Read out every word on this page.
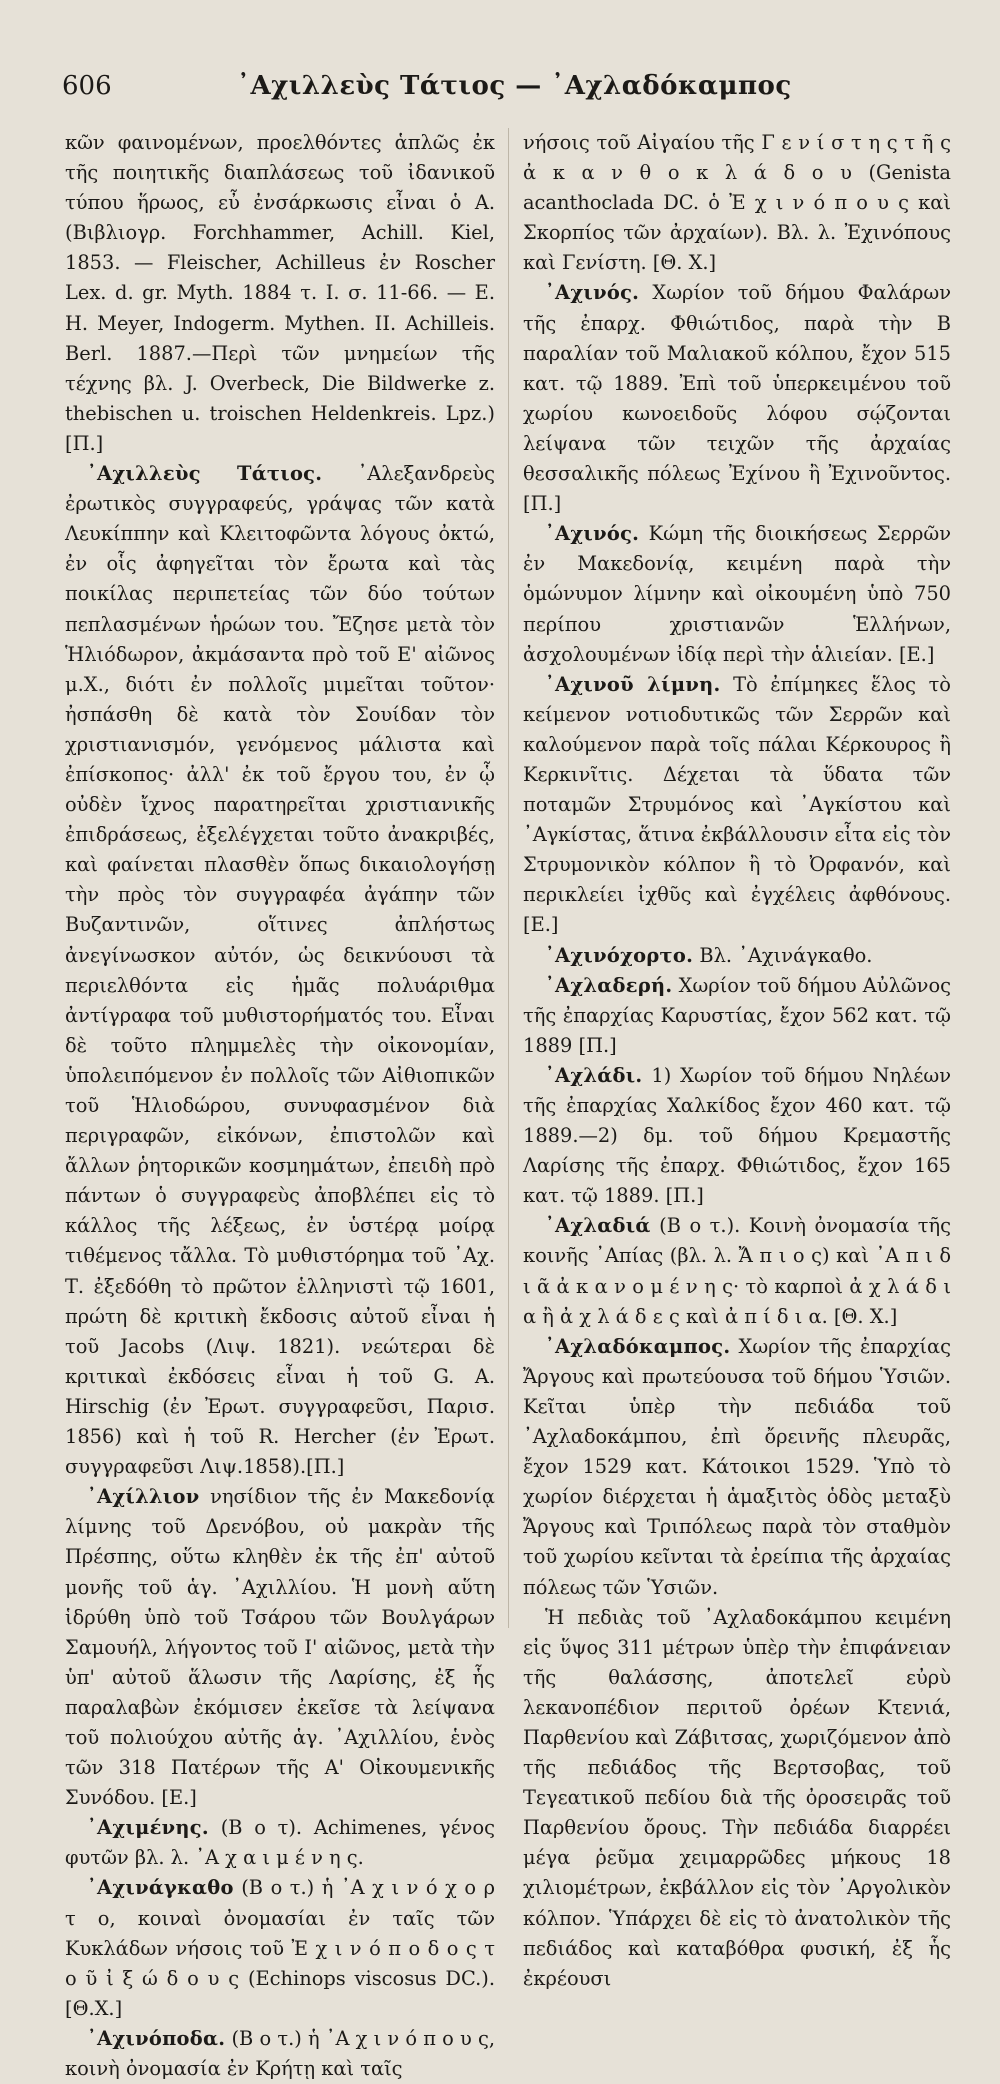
606	᾿Αχιλλεὺς Τάτιος — ᾿Αχλαδόκαμπος

κῶν φαινομένων, προελθόντες ἁπλῶς ἐκ τῆς ποιητικῆς διαπλάσεως τοῦ ἰδανικοῦ τύπου ἥρωος, εὖ ἐνσάρκωσις εἶναι ὁ Α. (Βιβλιογρ. Forchhammer, Achill. Kiel, 1853. — Fleischer, Achilleus ἐν Roscher Lex. d. gr. Myth. 1884 τ. Ι. σ. 11-66. — E. H. Meyer, Indogerm. Mythen. II. Achilleis. Berl. 1887.—Περὶ τῶν μνημείων τῆς τέχνης βλ. J. Overbeck, Die Bildwerke z. thebischen u. troischen Heldenkreis. Lpz.) [Π.]

᾿Αχιλλεὺς Τάτιος. ᾿Αλεξανδρεὺς ἐρωτικὸς συγγραφεύς, γράψας τῶν κατὰ Λευκίππην καὶ Κλειτοφῶντα λόγους ὀκτώ, ἐν οἷς ἀφηγεῖται τὸν ἔρωτα καὶ τὰς ποικίλας περιπετείας τῶν δύο τούτων πεπλασμένων ἡρώων του. Ἔζησε μετὰ τὸν Ἡλιόδωρον, ἀκμάσαντα πρὸ τοῦ Ε' αἰῶνος μ.Χ., διότι ἐν πολλοῖς μιμεῖται τοῦτον· ἠσπάσθη δὲ κατὰ τὸν Σουίδαν τὸν χριστιανισμόν, γενόμενος μάλιστα καὶ ἐπίσκοπος· ἀλλ' ἐκ τοῦ ἔργου του, ἐν ᾧ οὐδὲν ἴχνος παρατηρεῖται χριστιανικῆς ἐπιδράσεως, ἐξελέγχεται τοῦτο ἀνακριβές, καὶ φαίνεται πλασθὲν ὅπως δικαιολογήσῃ τὴν πρὸς τὸν συγγραφέα ἀγάπην τῶν Βυζαντινῶν, οἵτινες ἀπλήστως ἀνεγίνωσκον αὐτόν, ὡς δεικνύουσι τὰ περιελθόντα εἰς ἡμᾶς πολυάριθμα ἀντίγραφα τοῦ μυθιστορήματός του. Εἶναι δὲ τοῦτο πλημμελὲς τὴν οἰκονομίαν, ὑπολειπόμενον ἐν πολλοῖς τῶν Αἰθιοπικῶν τοῦ Ἡλιοδώρου, συνυφασμένον διὰ περιγραφῶν, εἰκόνων, ἐπιστολῶν καὶ ἄλλων ῥητορικῶν κοσμημάτων, ἐπειδὴ πρὸ πάντων ὁ συγγραφεὺς ἀποβλέπει εἰς τὸ κάλλος τῆς λέξεως, ἐν ὑστέρᾳ μοίρᾳ τιθέμενος τἄλλα. Τὸ μυθιστόρημα τοῦ ᾿Αχ. Τ. ἐξεδόθη τὸ πρῶτον ἑλληνιστὶ τῷ 1601, πρώτη δὲ κριτικὴ ἔκδοσις αὐτοῦ εἶναι ἡ τοῦ Jacobs (Λιψ. 1821). νεώτεραι δὲ κριτικαὶ ἐκδόσεις εἶναι ἡ τοῦ G. A. Hirschig (ἐν Ἐρωτ. συγγραφεῦσι, Παρισ. 1856) καὶ ἡ τοῦ R. Hercher (ἐν Ἐρωτ. συγγραφεῦσι Λιψ.1858).[Π.]

᾿Αχίλλιον νησίδιον τῆς ἐν Μακεδονίᾳ λίμνης τοῦ Δρενόβου, οὐ μακρὰν τῆς Πρέσπης, οὕτω κληθὲν ἐκ τῆς ἐπ' αὐτοῦ μονῆς τοῦ ἁγ. ᾿Αχιλλίου. Ἡ μονὴ αὕτη ἱδρύθη ὑπὸ τοῦ Τσάρου τῶν Βουλγάρων Σαμουήλ, λήγοντος τοῦ Ι' αἰῶνος, μετὰ τὴν ὑπ' αὐτοῦ ἅλωσιν τῆς Λαρίσης, ἐξ ἧς παραλαβὼν ἐκόμισεν ἐκεῖσε τὰ λείψανα τοῦ πολιούχου αὐτῆς ἁγ. ᾿Αχιλλίου, ἑνὸς τῶν 318 Πατέρων τῆς Α' Οἰκουμενικῆς Συνόδου. [Ε.]

᾿Αχιμένης. (Β ο τ). Achimenes, γένος φυτῶν βλ. λ. ᾿Α χ α ι μ έ ν η ς.

᾿Αχινάγκαθο (Β ο τ.) ἡ ᾿Α χ ι ν ό χ ο ρ τ ο, κοιναὶ ὀνομασίαι ἐν ταῖς τῶν Κυκλάδων νήσοις τοῦ Ἐ χ ι ν ό π ο δ ο ς τ ο ῦ ἰ ξ ώ δ ο υ ς (Echinops viscosus DC.). [Θ.Χ.]

᾿Αχινόποδα. (Β ο τ.) ἡ ᾿Α χ ι ν ό π ο υ ς, κοινὴ ὀνομασία ἐν Κρήτῃ καὶ ταῖς

νήσοις τοῦ Αἰγαίου τῆς Γ ε ν ί σ τ η ς τ ῆ ς ἀ κ α ν θ ο κ λ ά δ ο υ (Genista acanthoclada DC. ὁ Ἐ χ ι ν ό π ο υ ς καὶ Σκορπίος τῶν ἀρχαίων). Βλ. λ. Ἐχινόπους καὶ Γενίστη. [Θ. Χ.]

᾿Αχινός. Χωρίον τοῦ δήμου Φαλάρων τῆς ἐπαρχ. Φθιώτιδος, παρὰ τὴν Β παραλίαν τοῦ Μαλιακοῦ κόλπου, ἔχον 515 κατ. τῷ 1889. Ἐπὶ τοῦ ὑπερκειμένου τοῦ χωρίου κωνοειδοῦς λόφου σῴζονται λείψανα τῶν τειχῶν τῆς ἀρχαίας θεσσαλικῆς πόλεως Ἐχίνου ἢ Ἐχινοῦντος. [Π.]

᾿Αχινός. Κώμη τῆς διοικήσεως Σερρῶν ἐν Μακεδονίᾳ, κειμένη παρὰ τὴν ὁμώνυμον λίμνην καὶ οἰκουμένη ὑπὸ 750 περίπου χριστιανῶν Ἑλλήνων, ἀσχολουμένων ἰδίᾳ περὶ τὴν ἁλιείαν. [Ε.]

᾿Αχινοῦ λίμνη. Τὸ ἐπίμηκες ἕλος τὸ κείμενον νοτιοδυτικῶς τῶν Σερρῶν καὶ καλούμενον παρὰ τοῖς πάλαι Κέρκουρος ἢ Κερκινῖτις. Δέχεται τὰ ὕδατα τῶν ποταμῶν Στρυμόνος καὶ ᾿Αγκίστου καὶ ᾿Αγκίστας, ἅτινα ἐκβάλλουσιν εἶτα εἰς τὸν Στρυμονικὸν κόλπον ἢ τὸ Ὀρφανόν, καὶ περικλείει ἰχθῦς καὶ ἐγχέλεις ἀφθόνους. [Ε.]

᾿Αχινόχορτο. Βλ. ᾿Αχινάγκαθο.

᾿Αχλαδερή. Χωρίον τοῦ δήμου Αὐλῶνος τῆς ἐπαρχίας Καρυστίας, ἔχον 562 κατ. τῷ 1889 [Π.]

᾿Αχλάδι. 1) Χωρίον τοῦ δήμου Νηλέων τῆς ἐπαρχίας Χαλκίδος ἔχον 460 κατ. τῷ 1889.—2) δμ. τοῦ δήμου Κρεμαστῆς Λαρίσης τῆς ἐπαρχ. Φθιώτιδος, ἔχον 165 κατ. τῷ 1889. [Π.]

᾿Αχλαδιά (Β ο τ.). Κοινὴ ὀνομασία τῆς κοινῆς ᾿Απίας (βλ. λ. Ἄ π ι ο ς) καὶ ᾿Α π ι δ ι ᾶ ἀ κ α ν ο μ έ ν η ς· τὸ καρποὶ ἀ χ λ ά δ ι α ἢ ἀ χ λ ά δ ε ς καὶ ἀ π ί δ ι α. [Θ. Χ.]

᾿Αχλαδόκαμπος. Χωρίον τῆς ἐπαρχίας Ἄργους καὶ πρωτεύουσα τοῦ δήμου Ὑσιῶν. Κεῖται ὑπὲρ τὴν πεδιάδα τοῦ ᾿Αχλαδοκάμπου, ἐπὶ ὄρεινῆς πλευρᾶς, ἔχον 1529 κατ. Κάτοικοι 1529. Ὑπὸ τὸ χωρίον διέρχεται ἡ ἁμαξιτὸς ὁδὸς μεταξὺ Ἄργους καὶ Τριπόλεως παρὰ τὸν σταθμὸν τοῦ χωρίου κεῖνται τὰ ἐρείπια τῆς ἀρχαίας πόλεως τῶν Ὑσιῶν.

Ἡ πεδιὰς τοῦ ᾿Αχλαδοκάμπου κειμένη εἰς ὕψος 311 μέτρων ὑπὲρ τὴν ἐπιφάνειαν τῆς θαλάσσης, ἀποτελεῖ εὐρὺ λεκανοπέδιον περιτοῦ ὀρέων Κτενιά, Παρθενίου καὶ Ζάβιτσας, χωριζόμενον ἀπὸ τῆς πεδιάδος τῆς Βερτσοβας, τοῦ Τεγεατικοῦ πεδίου διὰ τῆς ὀροσειρᾶς τοῦ Παρθενίου ὄρους. Τὴν πεδιάδα διαρρέει μέγα ῥεῦμα χειμαρρῶδες μήκους 18 χιλιομέτρων, ἐκβάλλον εἰς τὸν ᾿Αργολικὸν κόλπον. Ὑπάρχει δὲ εἰς τὸ ἀνατολικὸν τῆς πεδιάδος καὶ καταβόθρα φυσική, ἐξ ἧς ἐκρέουσι
